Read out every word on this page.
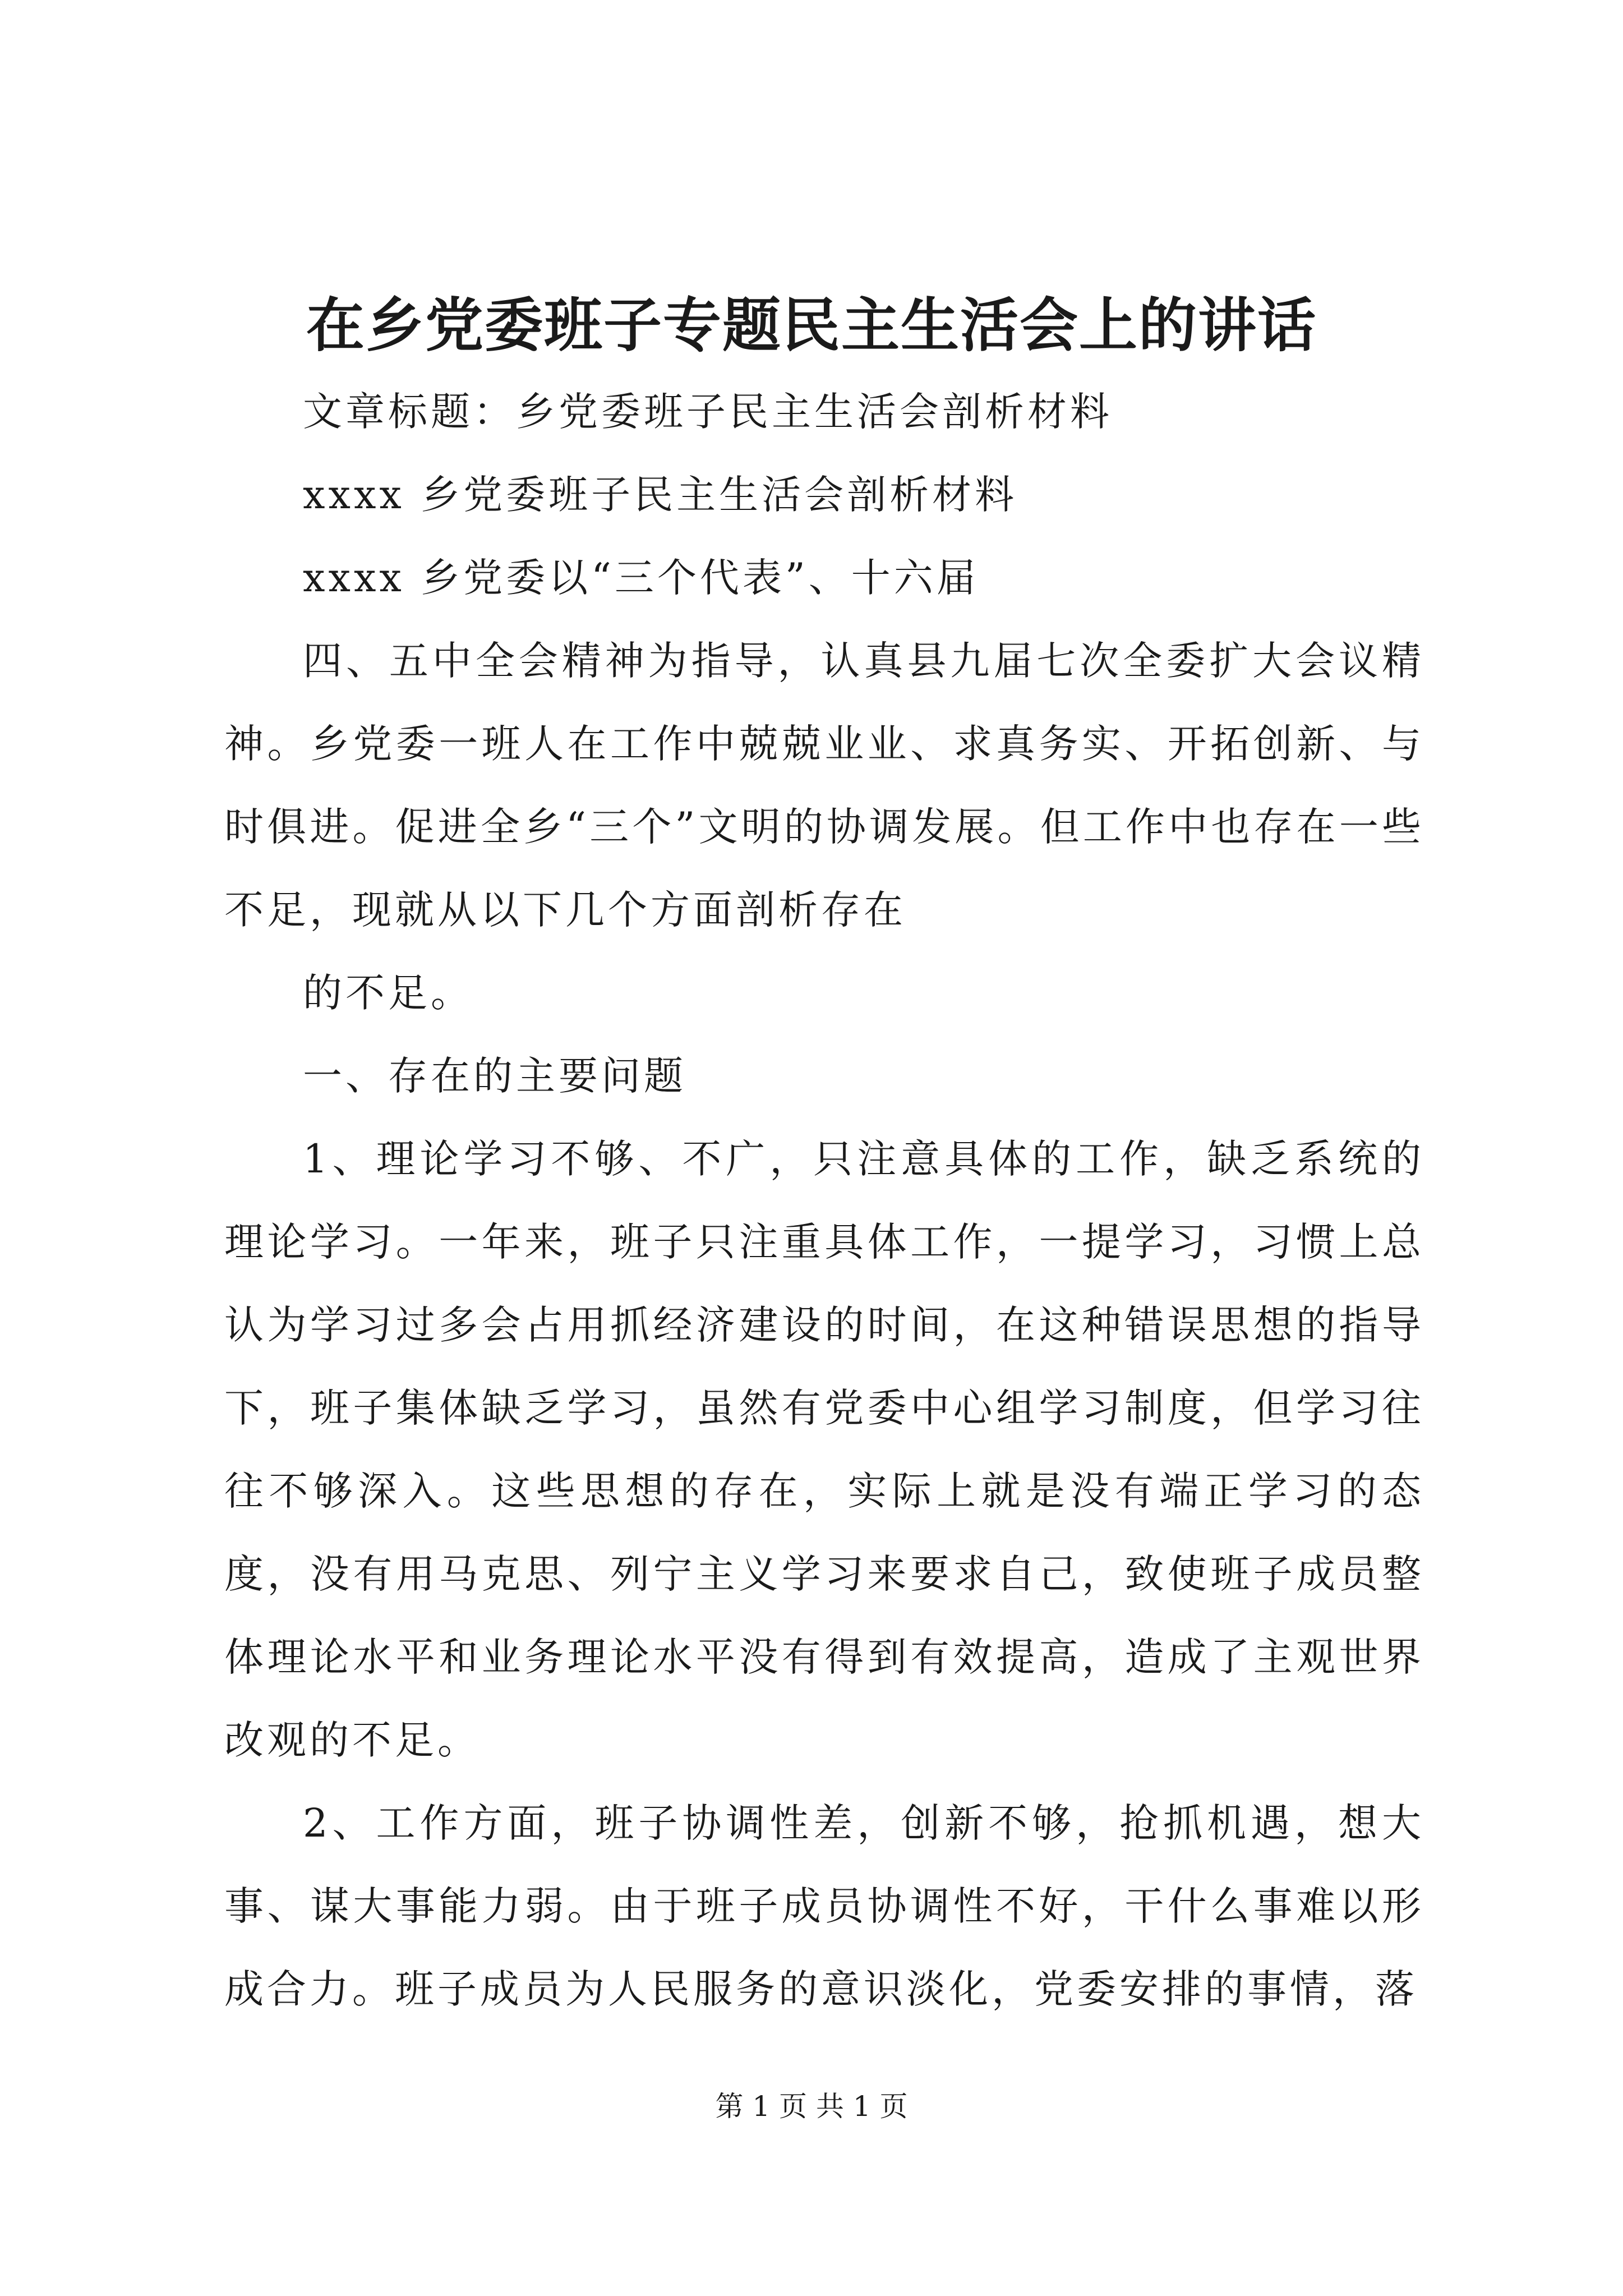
在乡党委班子专题民主生活会上的讲话

文章标题：乡党委班子民主生活会剖析材料

xxxx 乡党委班子民主生活会剖析材料

xxxx 乡党委以“三个代表”、十六届

四、五中全会精神为指导，认真县九届七次全委扩大会议精神。乡党委一班人在工作中兢兢业业、求真务实、开拓创新、与时俱进。促进全乡“三个”文明的协调发展。但工作中也存在一些不足，现就从以下几个方面剖析存在

的不足。

一、存在的主要问题

1、理论学习不够、不广，只注意具体的工作，缺乏系统的理论学习。一年来，班子只注重具体工作，一提学习，习惯上总认为学习过多会占用抓经济建设的时间，在这种错误思想的指导下，班子集体缺乏学习，虽然有党委中心组学习制度，但学习往往不够深入。这些思想的存在，实际上就是没有端正学习的态度，没有用马克思、列宁主义学习来要求自己，致使班子成员整体理论水平和业务理论水平没有得到有效提高，造成了主观世界改观的不足。

2、工作方面，班子协调性差，创新不够，抢抓机遇，想大事、谋大事能力弱。由于班子成员协调性不好，干什么事难以形成合力。班子成员为人民服务的意识淡化，党委安排的事情，落

第 1 页 共 1 页
